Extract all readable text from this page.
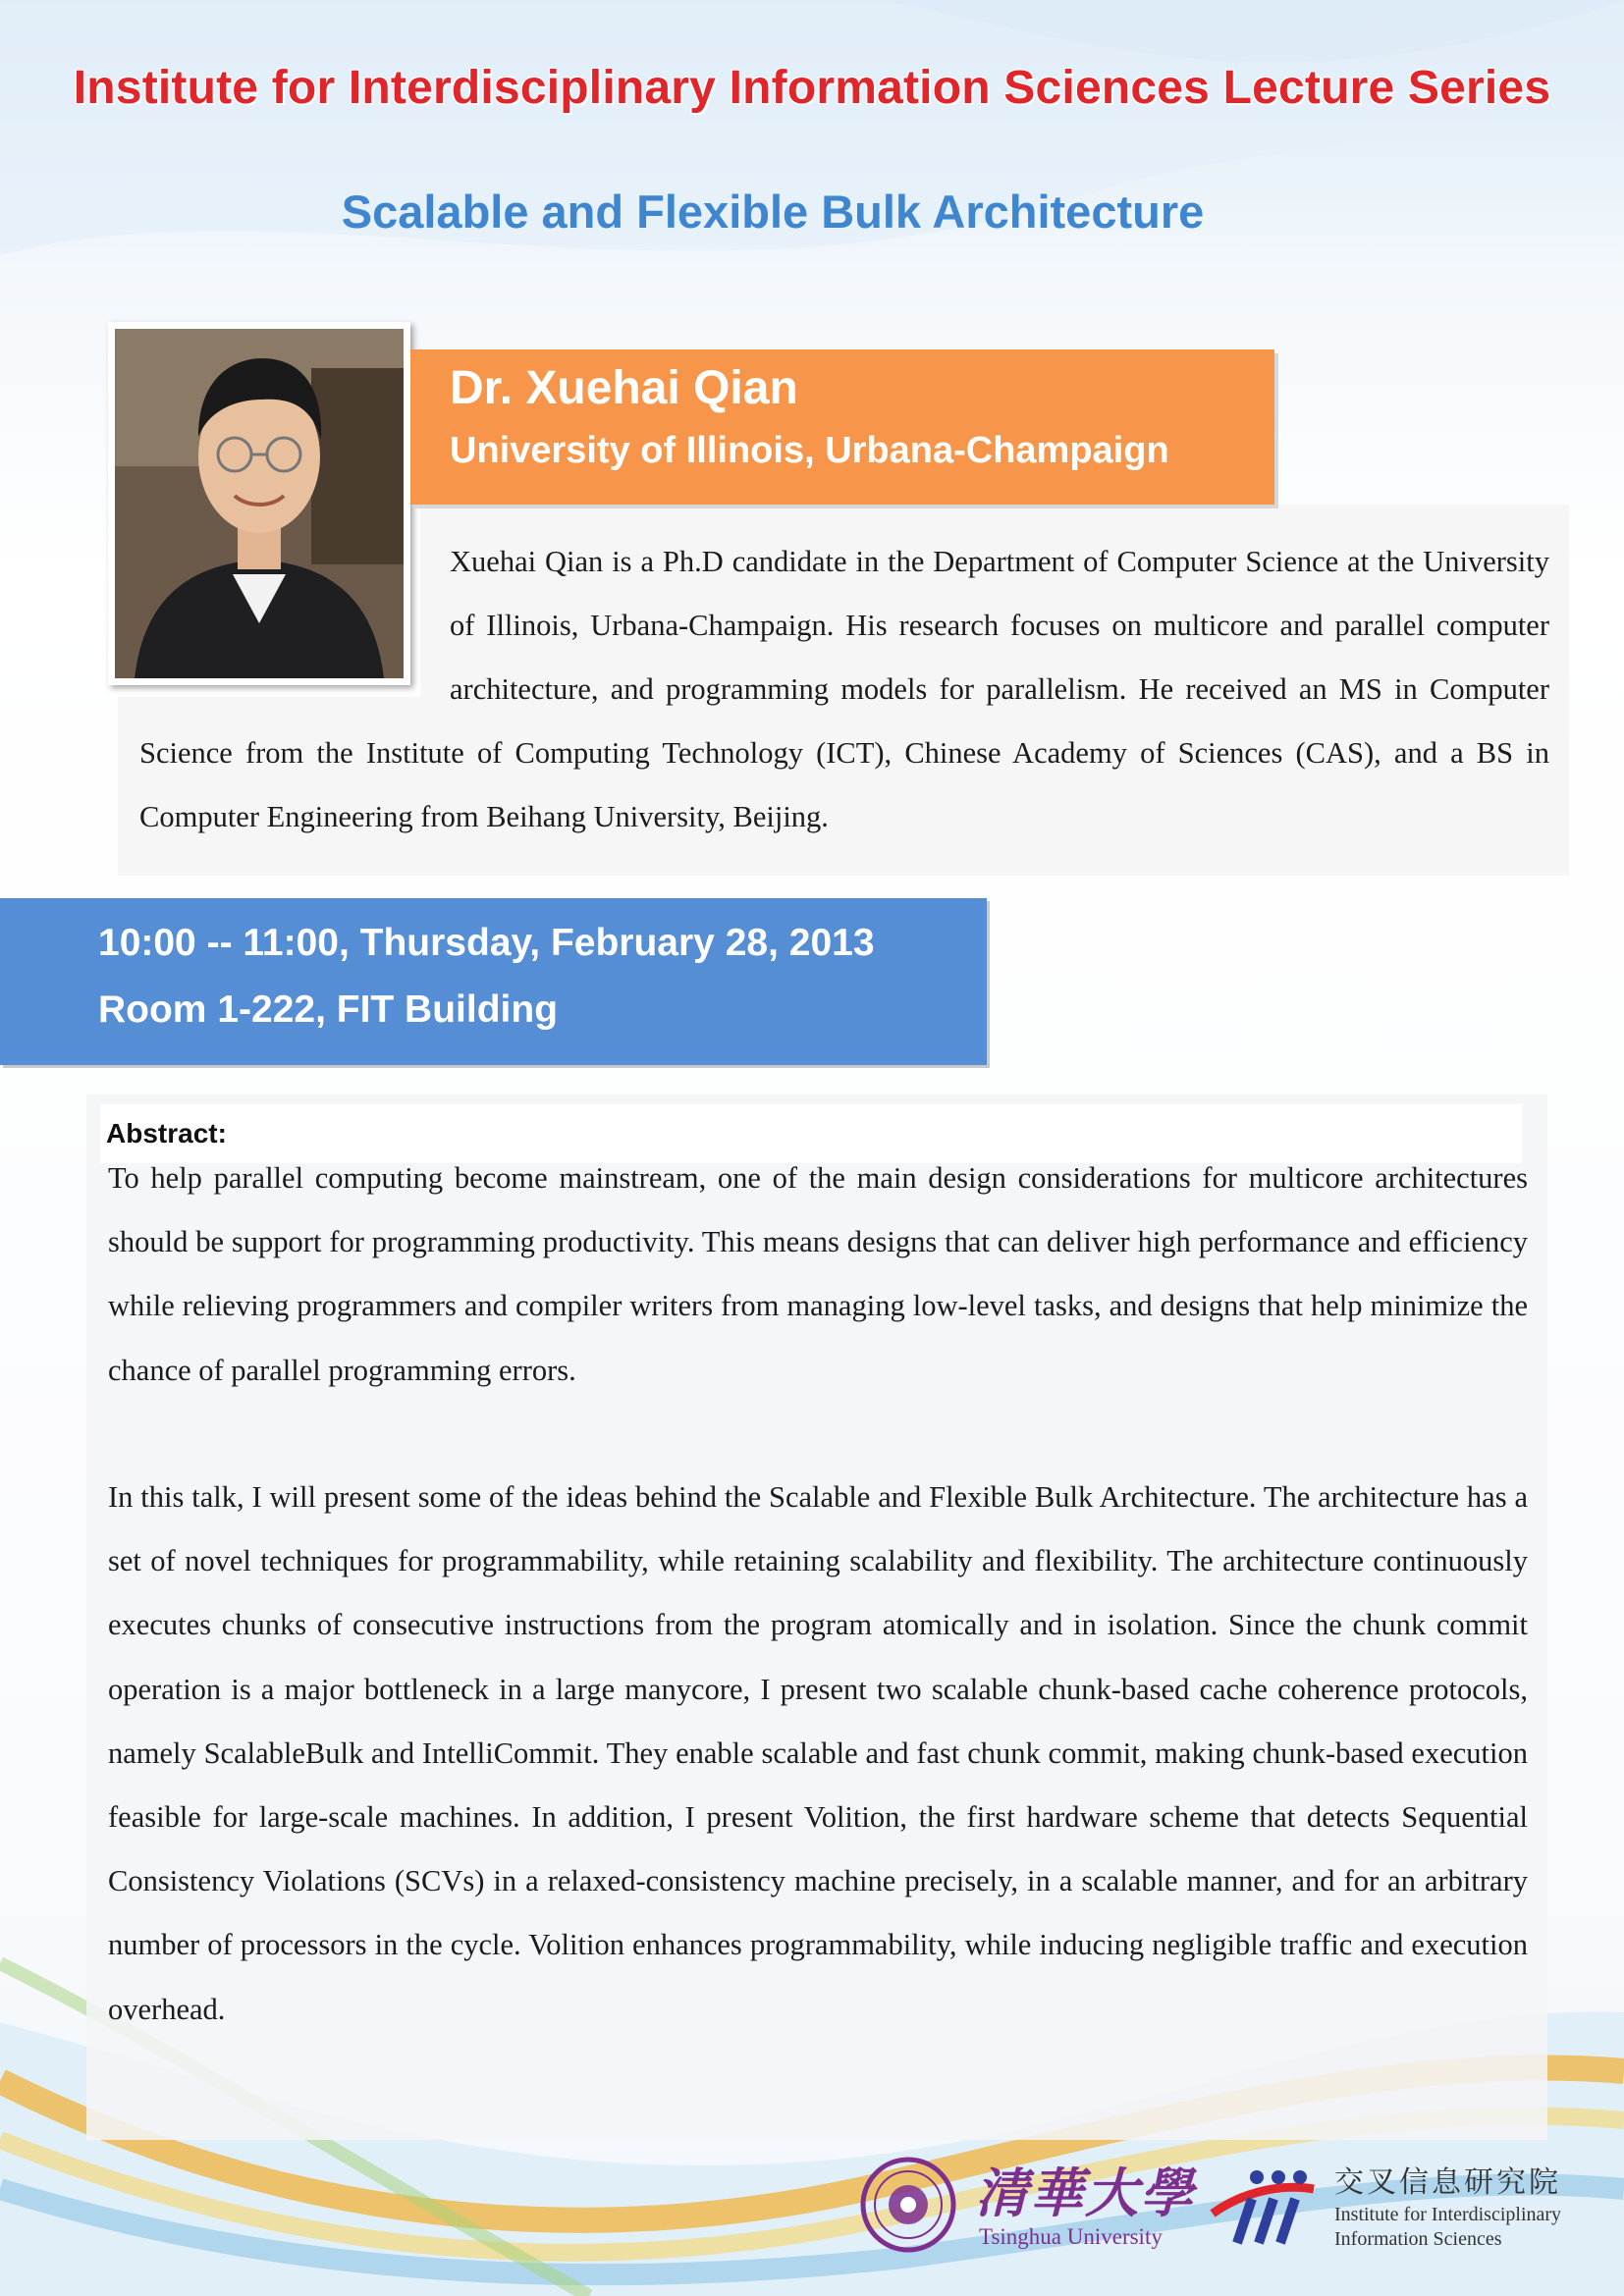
Institute for Interdisciplinary Information Sciences Lecture Series
Scalable and Flexible Bulk Architecture
Xuehai Qian is a Ph.D candidate in the Department of Computer Science at the University of Illinois, Urbana-Champaign. His research focuses on multicore and parallel computer architecture, and programming models for parallelism. He received an MS in Computer Science from the Institute of Computing Technology (ICT), Chinese Academy of Sciences (CAS), and a BS in Computer Engineering from Beihang University, Beijing.
Dr. Xuehai Qian
University of Illinois, Urbana-Champaign
10:00 -- 11:00, Thursday, February 28, 2013
Room 1-222, FIT Building
Abstract:
To help parallel computing become mainstream, one of the main design considerations for multicore architectures should be support for programming productivity. This means designs that can deliver high performance and efficiency while relieving programmers and compiler writers from managing low-level tasks, and designs that help minimize the chance of parallel programming errors.
In this talk, I will present some of the ideas behind the Scalable and Flexible Bulk Architecture. The architecture has a set of novel techniques for programmability, while retaining scalability and flexibility. The architecture continuously executes chunks of consecutive instructions from the program atomically and in isolation. Since the chunk commit operation is a major bottleneck in a large manycore, I present two scalable chunk-based cache coherence protocols, namely ScalableBulk and IntelliCommit. They enable scalable and fast chunk commit, making chunk-based execution feasible for large-scale machines. In addition, I present Volition, the first hardware scheme that detects Sequential Consistency Violations (SCVs) in a relaxed-consistency machine precisely, in a scalable manner, and for an arbitrary number of processors in the cycle. Volition enhances programmability, while inducing negligible traffic and execution overhead.
清華大學
Tsinghua University
交叉信息研究院
Institute for Interdisciplinary
Information Sciences
